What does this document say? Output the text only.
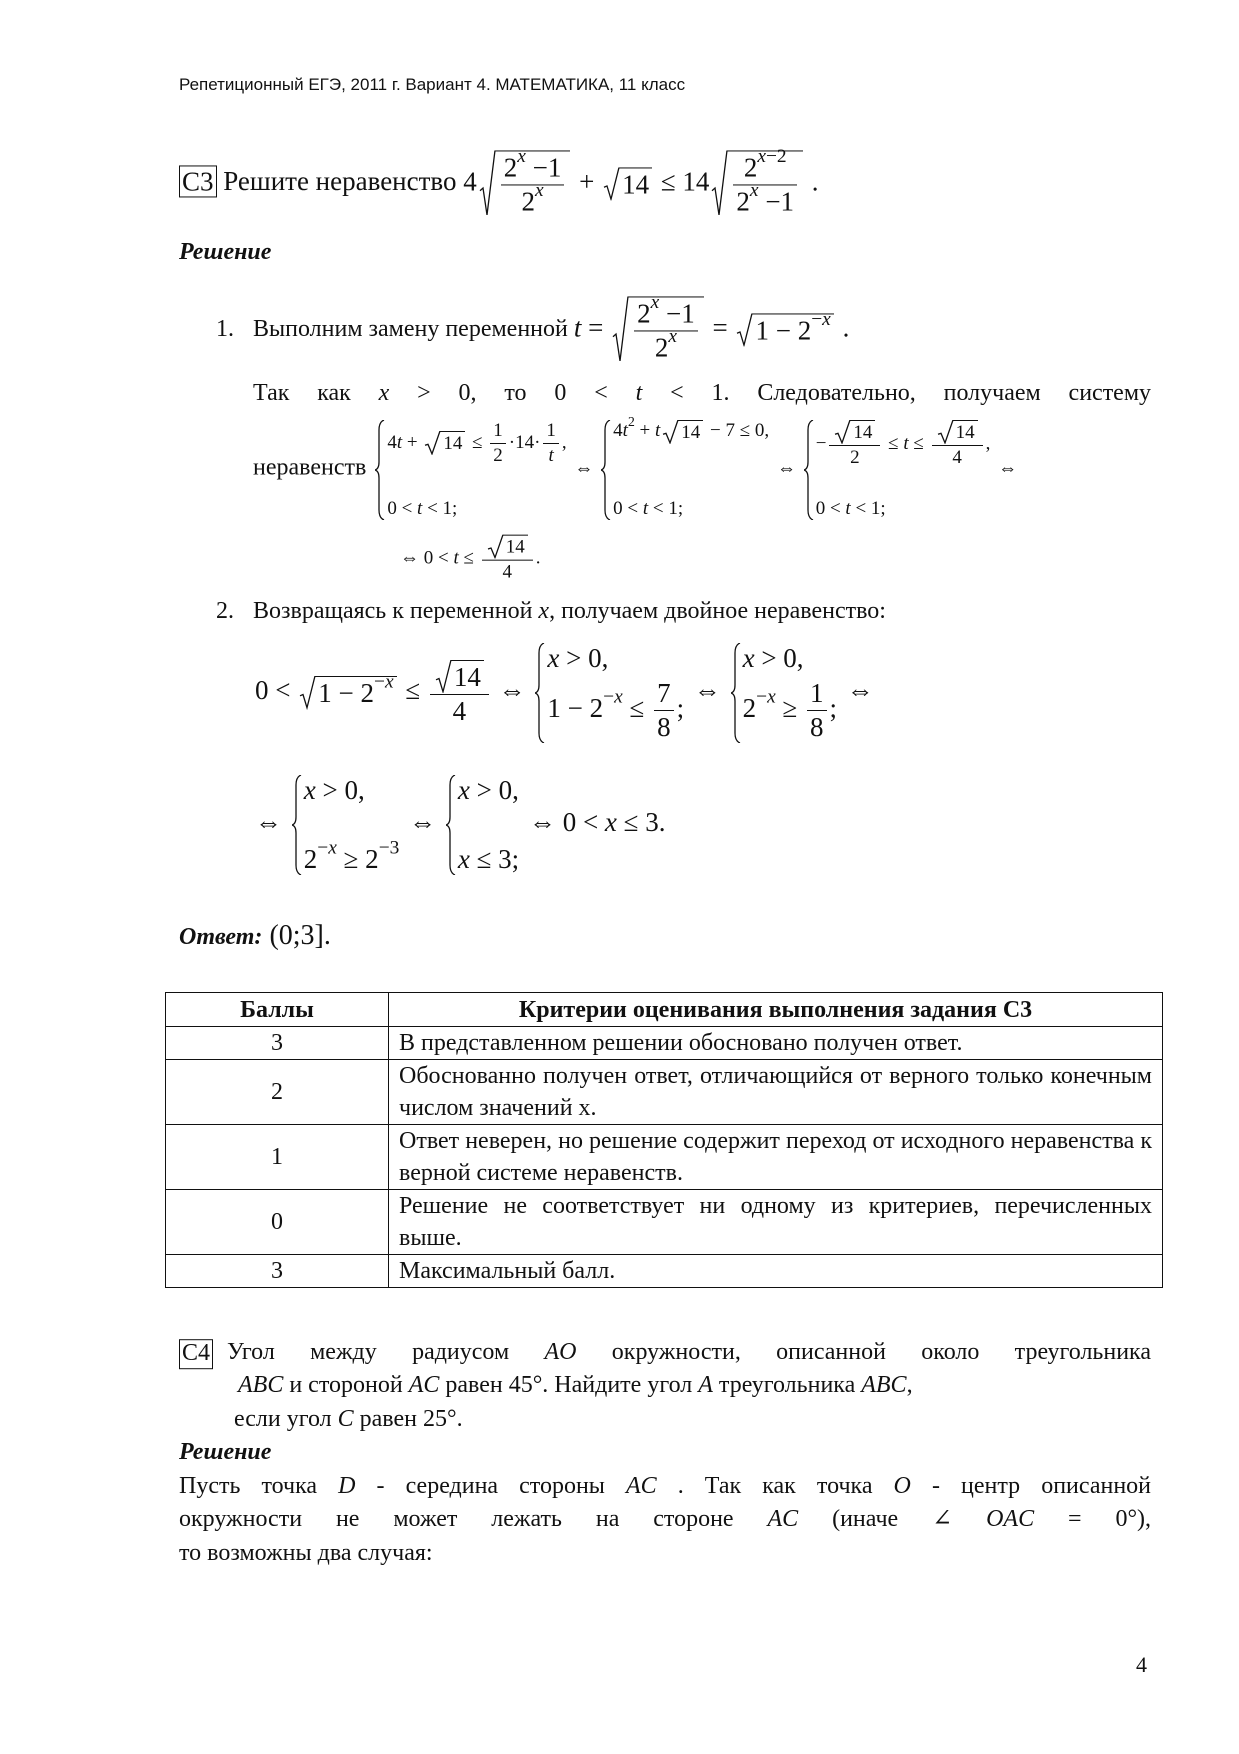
Репетиционный ЕГЭ, 2011 г. Вариант 4. МАТЕМАТИКА, 11 класс
С3 Решите неравенство $4 \frac{2^x -1}{2^x}$ +
$14 \le 14 \frac{2^{x-2}}{2^x -1}$ .
Решение
1. Выполним замену переменной $t = \frac{2^x -1}{2^x}$ =
$1 - 2^{-x}$ .
Так как x > 0, то 0 < t < 1. Следовательно, получаем систему
неравенств
4t +
$14 \le \frac{1}{2} \cdot 14\cdot \frac{1}{t}$ ,
0 < t < 1;
⇔
$4t^2 + t$ 14 − 7 ≤ 0,
0 < t < 1;
⇔
− $\frac{14}{2} \le t \le \frac{14}{4}$ ,
0 < t < 1;
⇔
⇔ $0 < t \le \frac{14}{4}$ .
2. Возвращаясь к переменной x, получаем двойное неравенство:
0 <
$1 - 2^{-x} \le \frac{14}{4}$ ⇔
x > 0,
$1 - 2^{-x} \le \frac{7}{8}$ ;
⇔
x > 0,
$2^{-x} \ge \frac{1}{8}$ ;
⇔
⇔
x > 0,
$2^{-x} \ge 2^{-3}$
⇔
x > 0,
x ≤ 3;
⇔ 0 < x ≤ 3.
Ответ: (0;3].
Баллы	Критерии оценивания выполнения задания С3
3	В представленном решении обосновано получен ответ.
2	Обоснованно получен ответ, отличающийся от верного только конечным числом значений x.
1	Ответ неверен, но решение содержит переход от исходного неравенства к верной системе неравенств.
0	Решение не соответствует ни одному из критериев, перечисленных выше.
3	Максимальный балл.
С4 Угол между радиусом AO окружности, описанной около треугольника
ABC и стороной AC равен 45°. Найдите угол A треугольника ABC,
если угол C равен 25°.
Решение
Пусть точка D - середина стороны AC . Так как точка O - центр описанной
окружности не может лежать на стороне AC (иначе ∠ OAC = 0°),
то возможны два случая:
4
